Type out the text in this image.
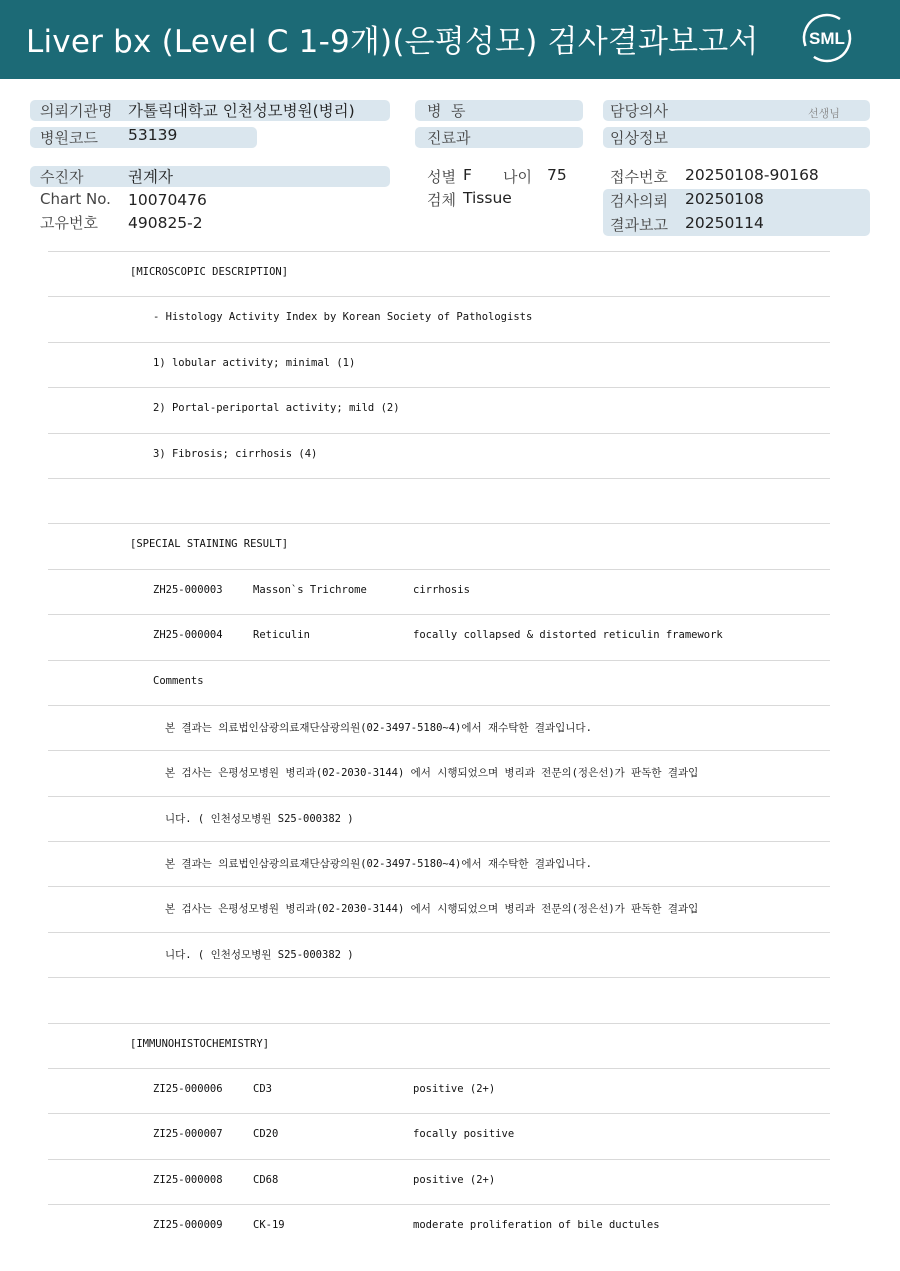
Liver bx (Level C 1-9개)(은평성모) 검사결과보고서	SML
의뢰기관명 가톨릭대학교 인천성모병원(병리)	병  동	담당의사	선생님
병원코드 53139	진료과	임상정보
수진자	권계자
Chart No. 10070476
고유번호 490825-2
성별 F 나이 75
검체 Tissue
접수번호 20250108-90168
검사의뢰 20250108
결과보고 20250114
[MICROSCOPIC DESCRIPTION]
- Histology Activity Index by Korean Society of Pathologists
1) lobular activity; minimal (1)
2) Portal-periportal activity; mild (2)
3) Fibrosis; cirrhosis (4)
[SPECIAL STAINING RESULT]
ZH25-000003	Masson`s Trichrome	cirrhosis
ZH25-000004	Reticulin	focally collapsed & distorted reticulin framework
Comments
본 결과는 의료법인삼광의료재단삼광의원(02-3497-5180~4)에서 재수탁한 결과입니다.
본 검사는 은평성모병원 병리과(02-2030-3144) 에서 시행되었으며 병리과 전문의(정은선)가 판독한 결과입
니다. ( 인천성모병원 S25-000382 )
본 결과는 의료법인삼광의료재단삼광의원(02-3497-5180~4)에서 재수탁한 결과입니다.
본 검사는 은평성모병원 병리과(02-2030-3144) 에서 시행되었으며 병리과 전문의(정은선)가 판독한 결과입
니다. ( 인천성모병원 S25-000382 )
[IMMUNOHISTOCHEMISTRY]
ZI25-000006	CD3	positive (2+)
ZI25-000007	CD20	focally positive
ZI25-000008	CD68	positive (2+)
ZI25-000009	CK-19	moderate proliferation of bile ductules
